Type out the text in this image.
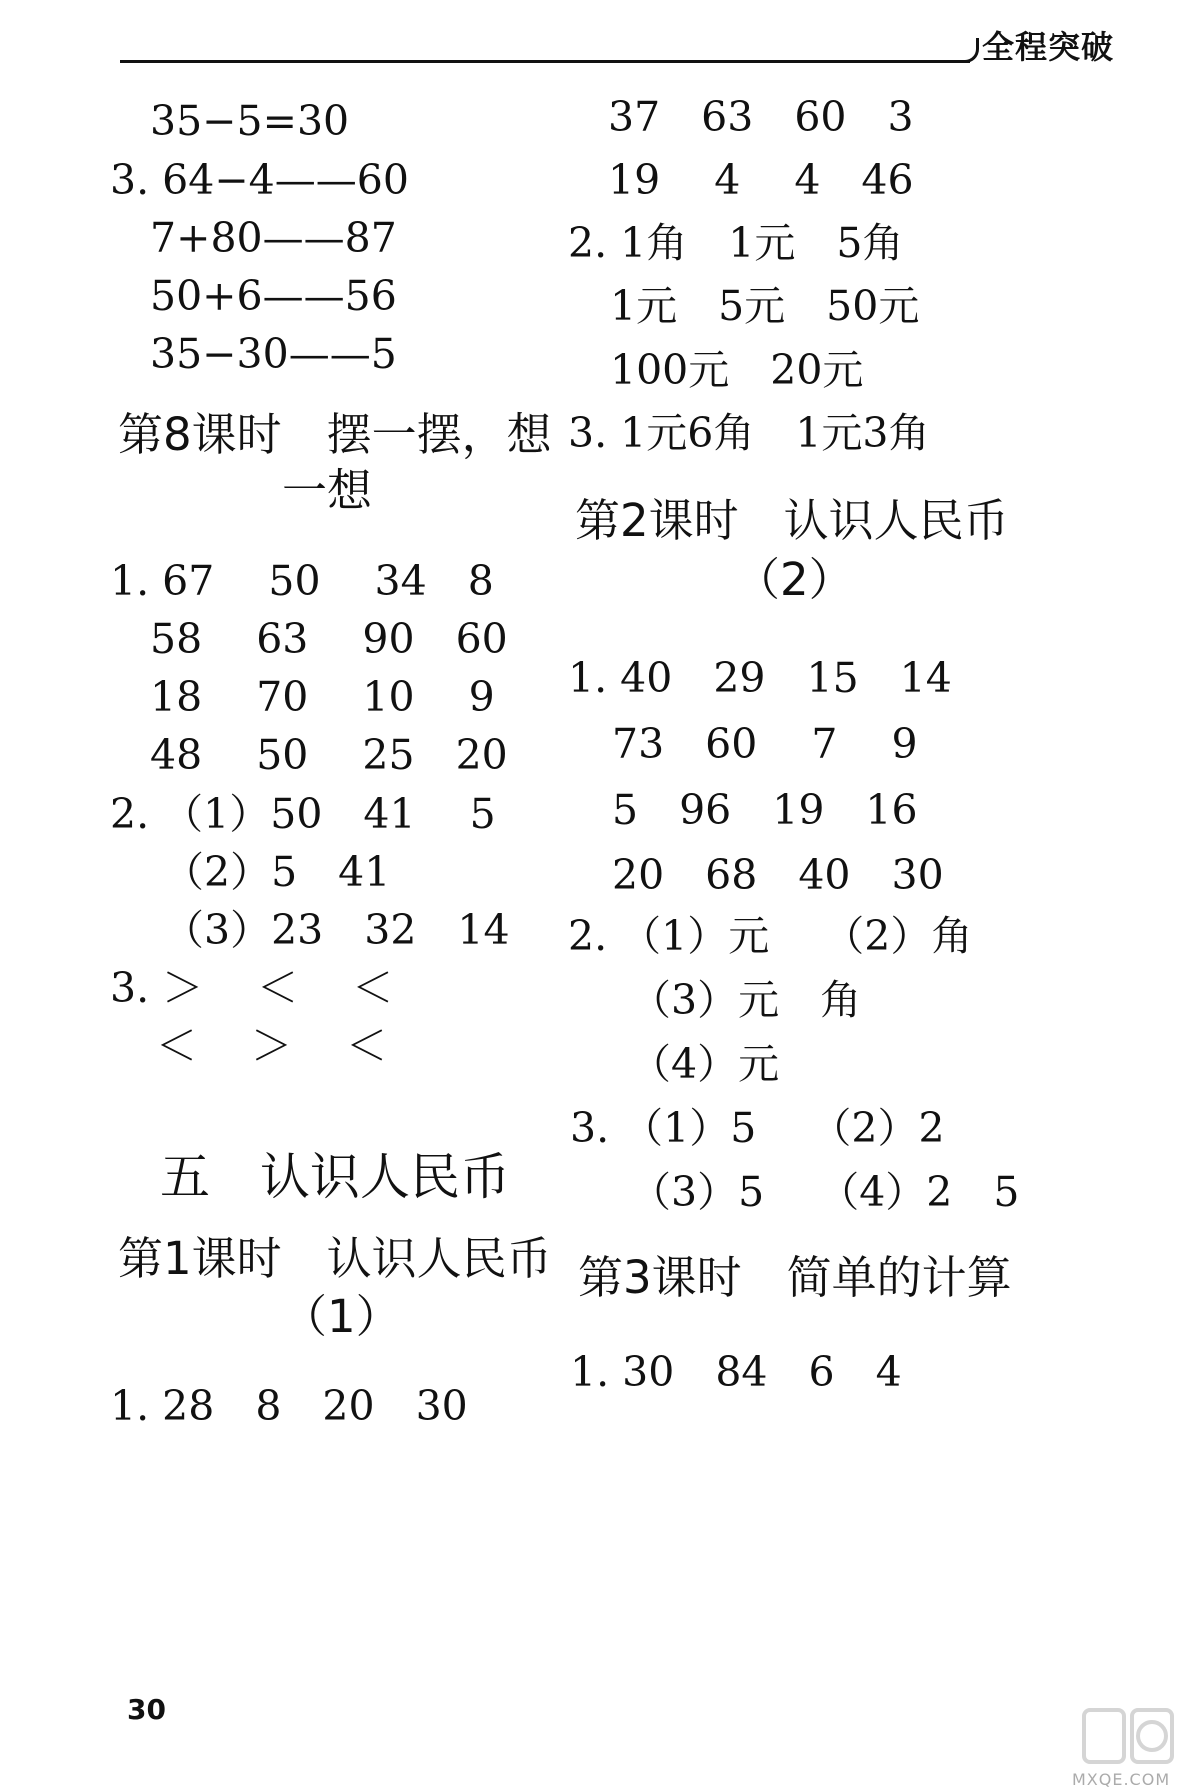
全程突破
35−5=30
3. 64−4——60
7+80——87
50+6——56
35−30——5
第8课时　摆一摆，想
一想
1. 67　 50　 34　8
58　 63　 90　60
18　 70　 10　 9
48　 50　 25　20
2. （1）50　41　 5
（2）5　41
（3）23　32　14
3. ＞　 ＜　 ＜
＜　 ＞　 ＜
五　认识人民币
第1课时　认识人民币
（1）
1. 28　8　20　30
37　63　60　3
19　 4　 4　46
2. 1角　1元　5角
1元　5元　50元
100元　20元
3. 1元6角　1元3角
第2课时　认识人民币
（2）
1. 40　29　15　14
73　60　 7　 9
5　96　19　16
20　68　40　30
2. （1）元　 （2）角
（3）元　角
（4）元
3. （1）5　 （2）2
（3）5　 （4）2　5
第3课时　简单的计算
1. 30　84　6　4
30
MXQE.COM
